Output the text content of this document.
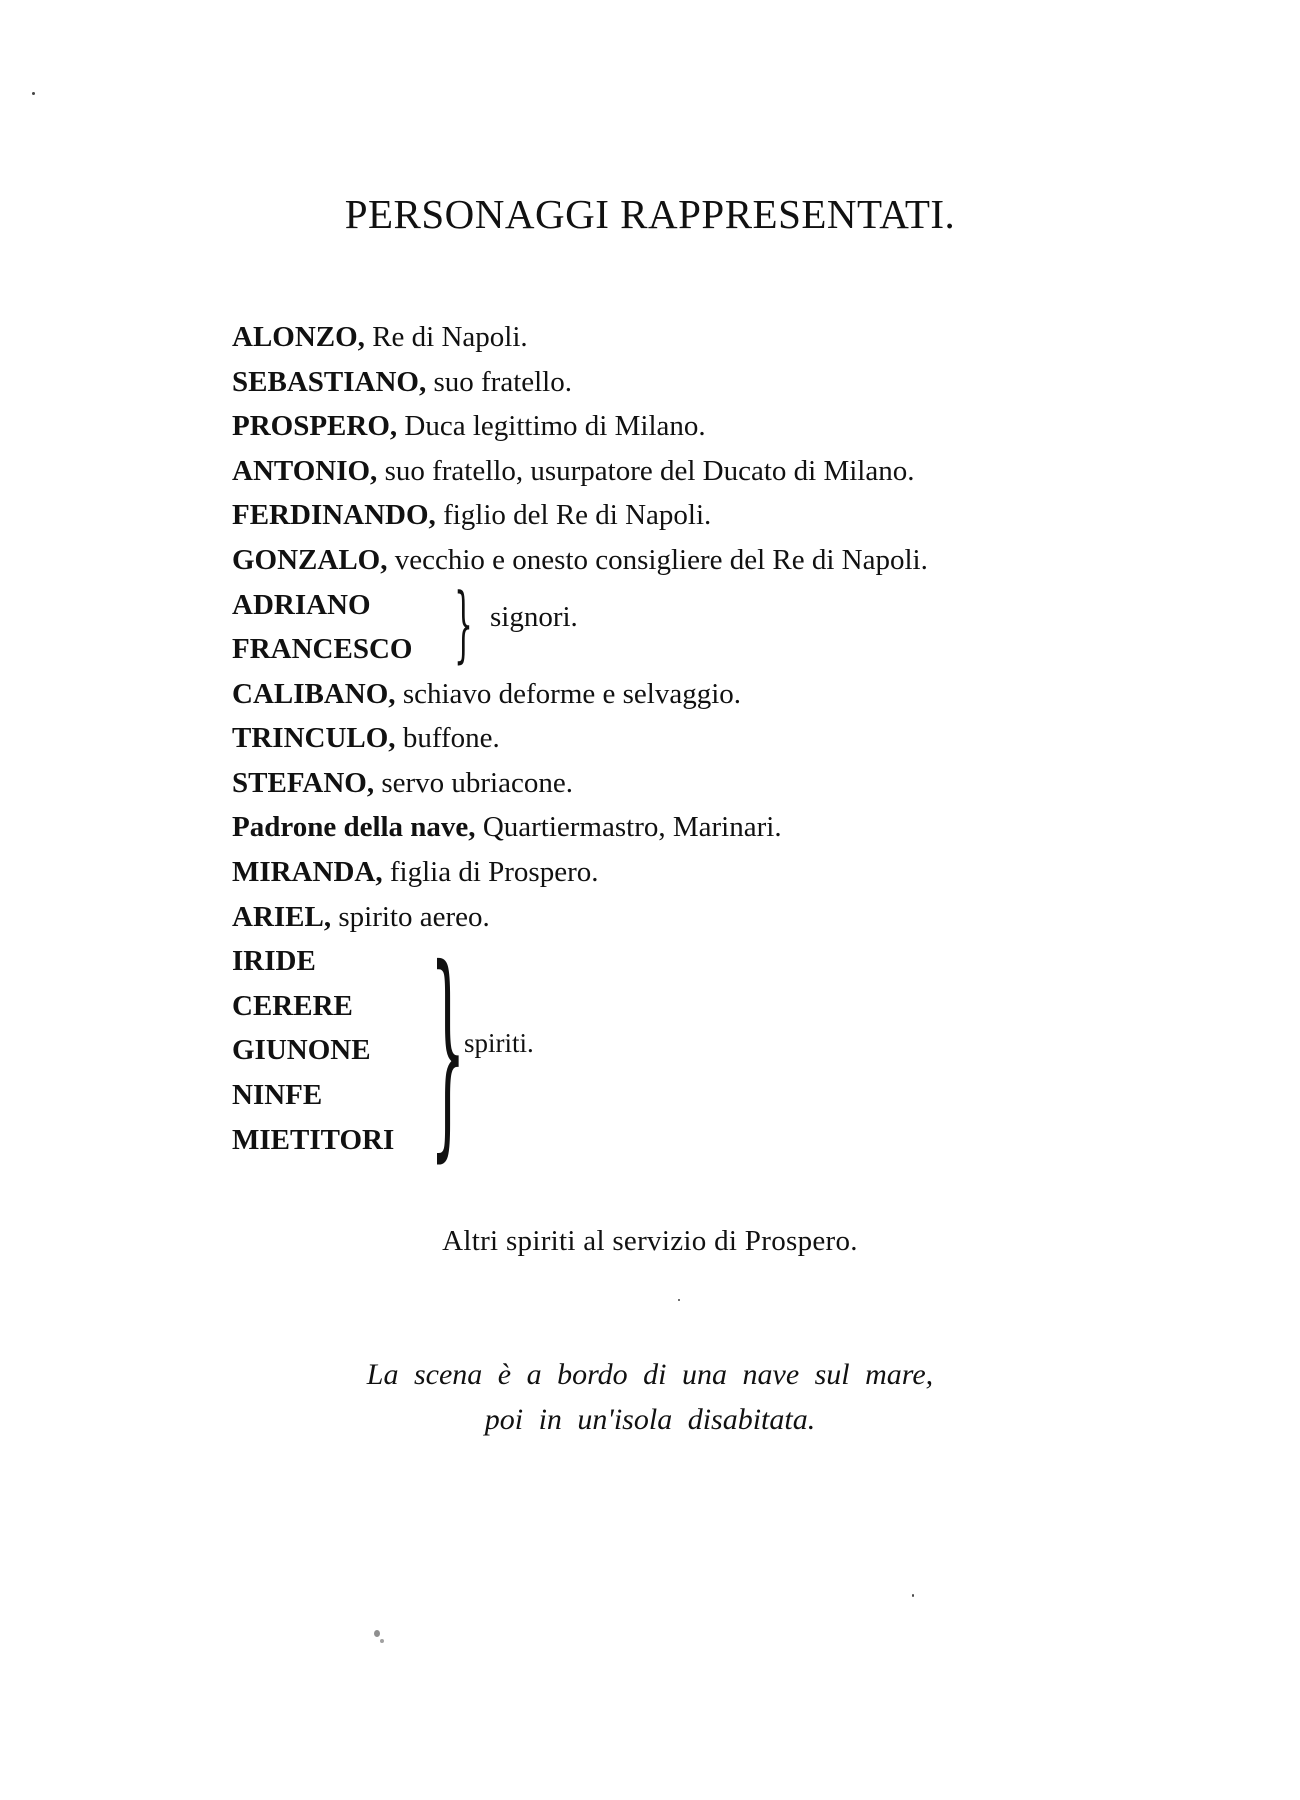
PERSONAGGI RAPPRESENTATI.
ALONZO, Re di Napoli.
SEBASTIANO, suo fratello.
PROSPERO, Duca legittimo di Milano.
ANTONIO, suo fratello, usurpatore del Ducato di Milano.
FERDINANDO, figlio del Re di Napoli.
GONZALO, vecchio e onesto consigliere del Re di Napoli.
ADRIANO
FRANCESCO } signori.
CALIBANO, schiavo deforme e selvaggio.
TRINCULO, buffone.
STEFANO, servo ubriacone.
Padrone della nave, Quartiermastro, Marinari.
MIRANDA, figlia di Prospero.
ARIEL, spirito aereo.
IRIDE
CERERE
GIUNONE
NINFE
MIETITORI }
spiriti.
Altri spiriti al servizio di Prospero.
La scena è a bordo di una nave sul mare,
poi in un'isola disabitata.
